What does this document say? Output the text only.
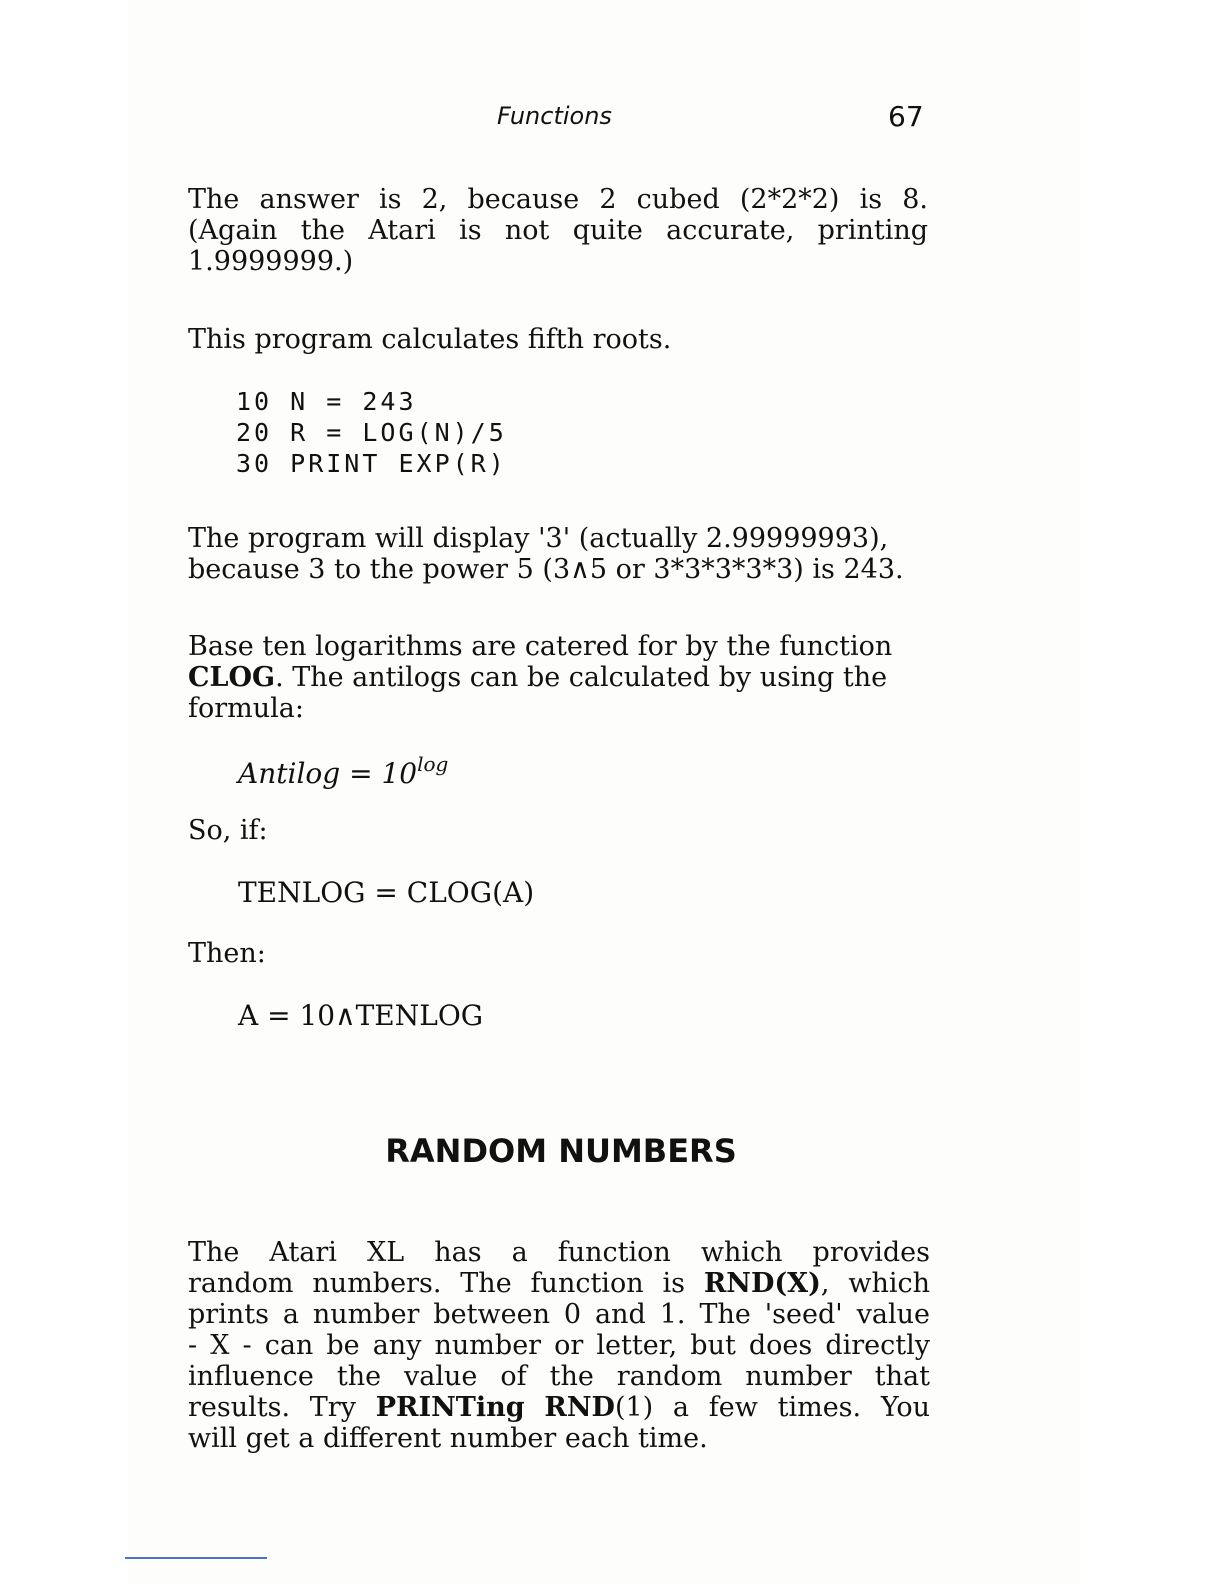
Functions	67
The answer is 2, because 2 cubed (2*2*2) is 8.
(Again the Atari is not quite accurate, printing
1.9999999.)
This program calculates fifth roots.
10 N = 243
20 R = LOG(N)/5
30 PRINT EXP(R)
The program will display '3' (actually 2.99999993),
because 3 to the power 5 (3∧5 or 3*3*3*3*3) is 243.
Base ten logarithms are catered for by the function
CLOG. The antilogs can be calculated by using the
formula:
Antilog = $10^{log}$
So, if:
TENLOG = CLOG(A)
Then:
A = 10∧TENLOG
RANDOM NUMBERS
The Atari XL has a function which provides
random numbers. The function is RND(X), which
prints a number between 0 and 1. The 'seed' value
- X - can be any number or letter, but does directly
influence the value of the random number that
results. Try PRINTing RND(1) a few times. You
will get a different number each time.
